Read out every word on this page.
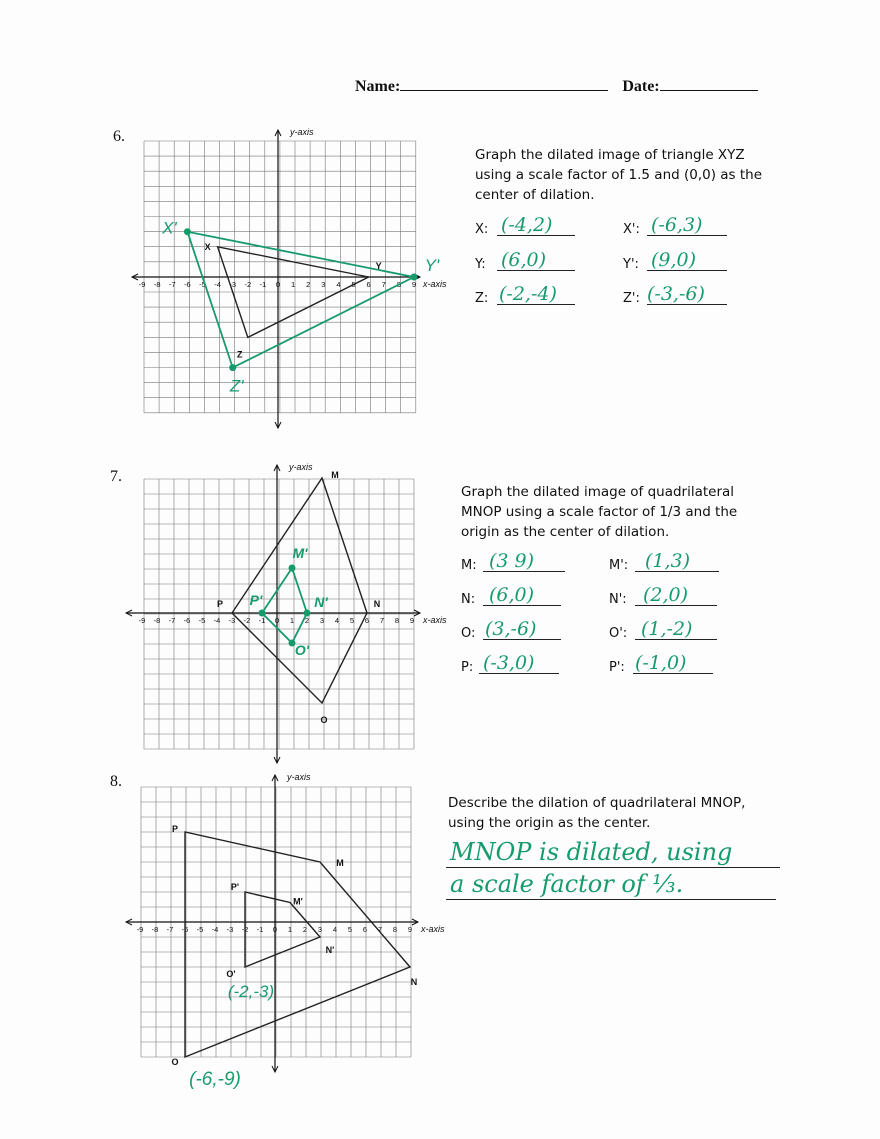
Name:	Date:
6.
7.
8.
Graph the dilated image of triangle XYZ using a scale factor of 1.5 and (0,0) as the center of dilation.
Graph the dilated image of quadrilateral MNOP using a scale factor of 1/3 and the origin as the center of dilation.
Describe the dilation of quadrilateral MNOP, using the origin as the center.
X: (-4,2)
Y: (6,0)
Z: (-2,-4)
X': (-6,3)
Y': (9,0)
Z': (-3,-6)
M: (3 9)
N: (6,0)
O: (3,-6)
P: (-3,0)
M': (1,3)
N': (2,0)
O': (1,-2)
P': (-1,0)
MNOP is dilated, using
a scale factor of ⅓.
-9 -8 -7 -6 -5 -4 -3 -2 -1 0 1 2 3 4 5 6 7 8 9
y-axis
x-axis
X
Y
Z
X'
Y'
Z'
-9 -8 -7 -6 -5 -4 -3 -2 -1 0 1 2 3 4 5 6 7 8 9
y-axis
x-axis
M
N
O
P
M'
N'
O'
P'
-9 -8 -7 -6 -5 -4 -3 -2 -1 0 1 2 3 4 5 6 7 8 9
y-axis
x-axis
M
N
O
P
M'
N'
O'
P'
(-2,-3)
(-6,-9)
